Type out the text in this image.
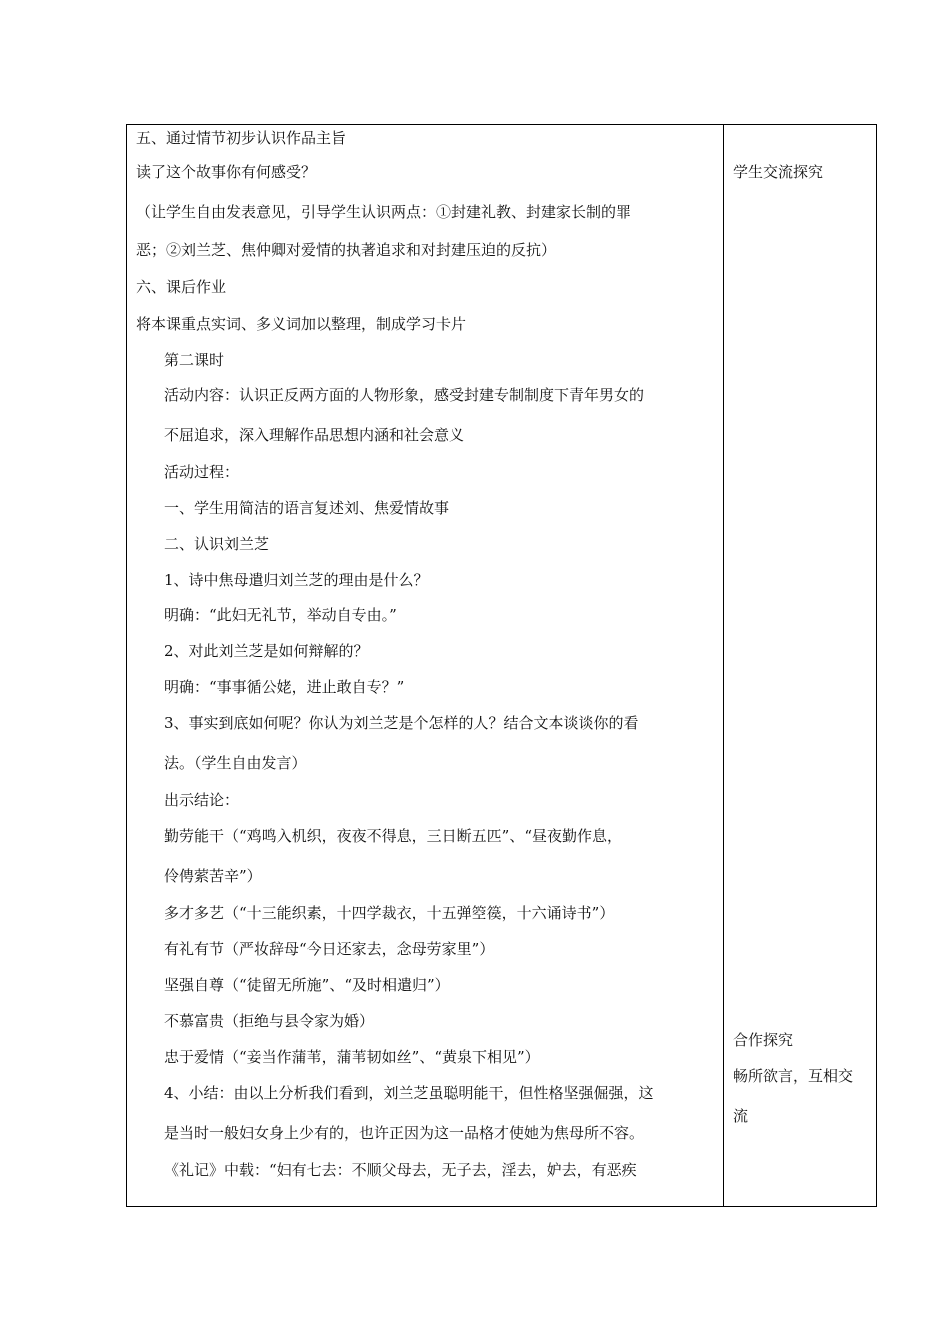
五、通过情节初步认识作品主旨
读了这个故事你有何感受？
（让学生自由发表意见，引导学生认识两点：①封建礼教、封建家长制的罪
恶；②刘兰芝、焦仲卿对爱情的执著追求和对封建压迫的反抗）
六、课后作业
将本课重点实词、多义词加以整理，制成学习卡片
第二课时
活动内容：认识正反两方面的人物形象，感受封建专制制度下青年男女的
不屈追求，深入理解作品思想内涵和社会意义
活动过程：
一、学生用简洁的语言复述刘、焦爱情故事
二、认识刘兰芝
1、诗中焦母遣归刘兰芝的理由是什么？
明确：“此妇无礼节，举动自专由。”
2、对此刘兰芝是如何辩解的？
明确：“事事循公姥，进止敢自专？”
3、事实到底如何呢？你认为刘兰芝是个怎样的人？结合文本谈谈你的看
法。（学生自由发言）
出示结论：
勤劳能干（“鸡鸣入机织，夜夜不得息，三日断五匹”、“昼夜勤作息，
伶俜萦苦辛”）
多才多艺（“十三能织素，十四学裁衣，十五弹箜篌，十六诵诗书”）
有礼有节（严妆辞母“今日还家去，念母劳家里”）
坚强自尊（“徒留无所施”、“及时相遣归”）
不慕富贵（拒绝与县令家为婚）
忠于爱情（“妾当作蒲苇，蒲苇韧如丝”、“黄泉下相见”）
4、小结：由以上分析我们看到，刘兰芝虽聪明能干，但性格坚强倔强，这
是当时一般妇女身上少有的，也许正因为这一品格才使她为焦母所不容。
《礼记》中载：“妇有七去：不顺父母去，无子去，淫去，妒去，有恶疾
学生交流探究
合作探究
畅所欲言，互相交
流
